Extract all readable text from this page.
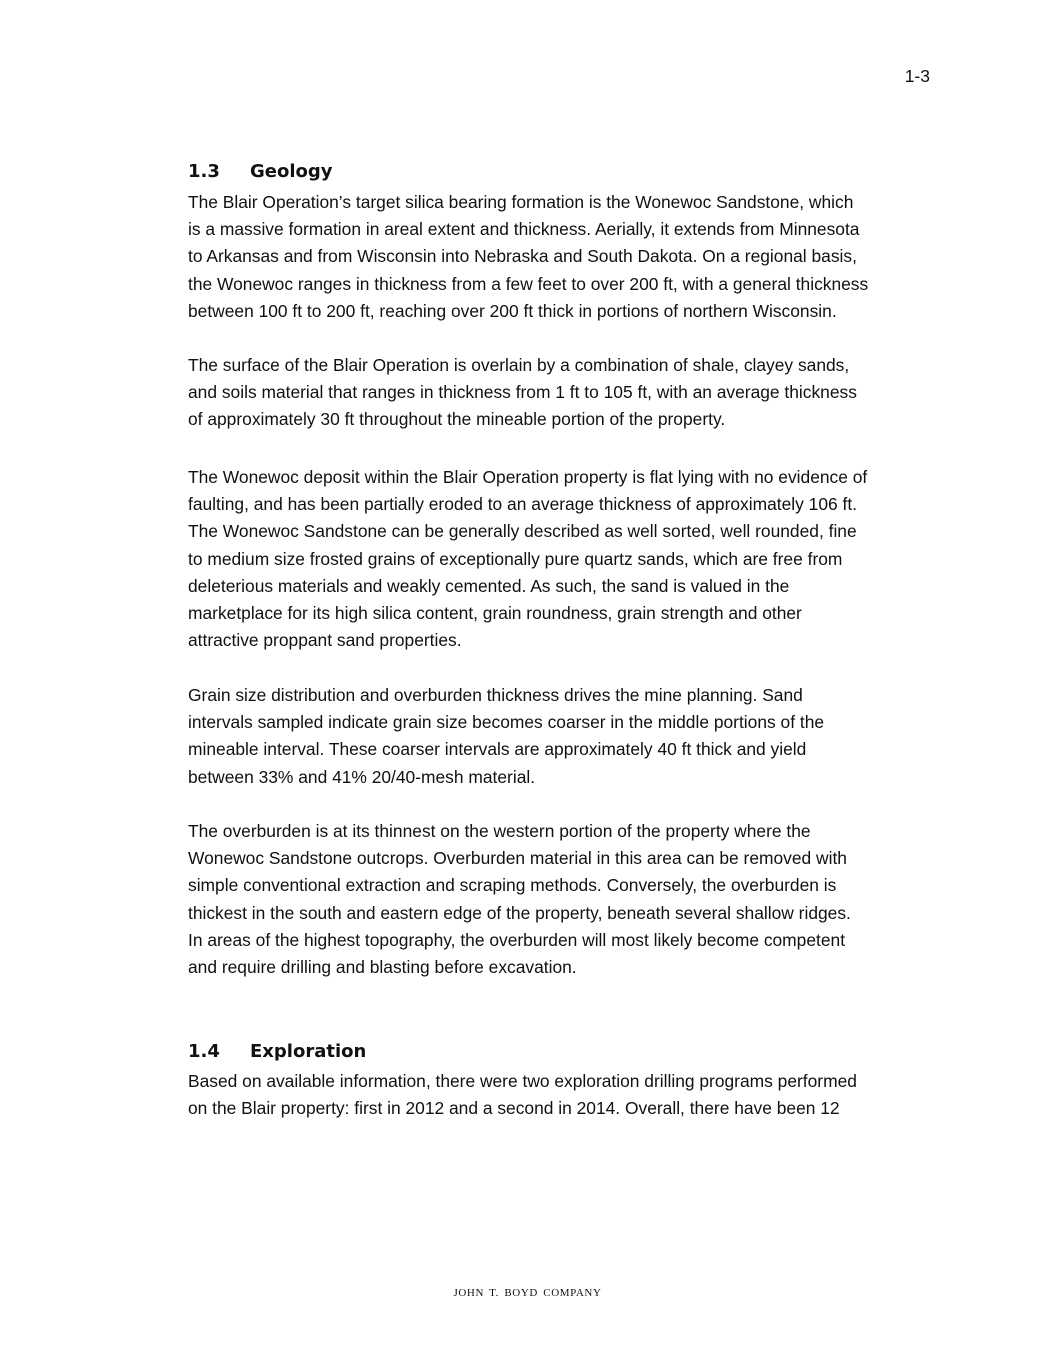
1-3
1.3 Geology

The Blair Operation’s target silica bearing formation is the Wonewoc Sandstone, which
is a massive formation in areal extent and thickness. Aerially, it extends from Minnesota
to Arkansas and from Wisconsin into Nebraska and South Dakota. On a regional basis,
the Wonewoc ranges in thickness from a few feet to over 200 ft, with a general thickness
between 100 ft to 200 ft, reaching over 200 ft thick in portions of northern Wisconsin.

The surface of the Blair Operation is overlain by a combination of shale, clayey sands,
and soils material that ranges in thickness from 1 ft to 105 ft, with an average thickness
of approximately 30 ft throughout the mineable portion of the property.

The Wonewoc deposit within the Blair Operation property is flat lying with no evidence of
faulting, and has been partially eroded to an average thickness of approximately 106 ft.
The Wonewoc Sandstone can be generally described as well sorted, well rounded, fine
to medium size frosted grains of exceptionally pure quartz sands, which are free from
deleterious materials and weakly cemented. As such, the sand is valued in the
marketplace for its high silica content, grain roundness, grain strength and other
attractive proppant sand properties.

Grain size distribution and overburden thickness drives the mine planning. Sand
intervals sampled indicate grain size becomes coarser in the middle portions of the
mineable interval. These coarser intervals are approximately 40 ft thick and yield
between 33% and 41% 20/40-mesh material.

The overburden is at its thinnest on the western portion of the property where the
Wonewoc Sandstone outcrops. Overburden material in this area can be removed with
simple conventional extraction and scraping methods. Conversely, the overburden is
thickest in the south and eastern edge of the property, beneath several shallow ridges.
In areas of the highest topography, the overburden will most likely become competent
and require drilling and blasting before excavation.

1.4 Exploration

Based on available information, there were two exploration drilling programs performed
on the Blair property: first in 2012 and a second in 2014. Overall, there have been 12

JOHN T. BOYD COMPANY
